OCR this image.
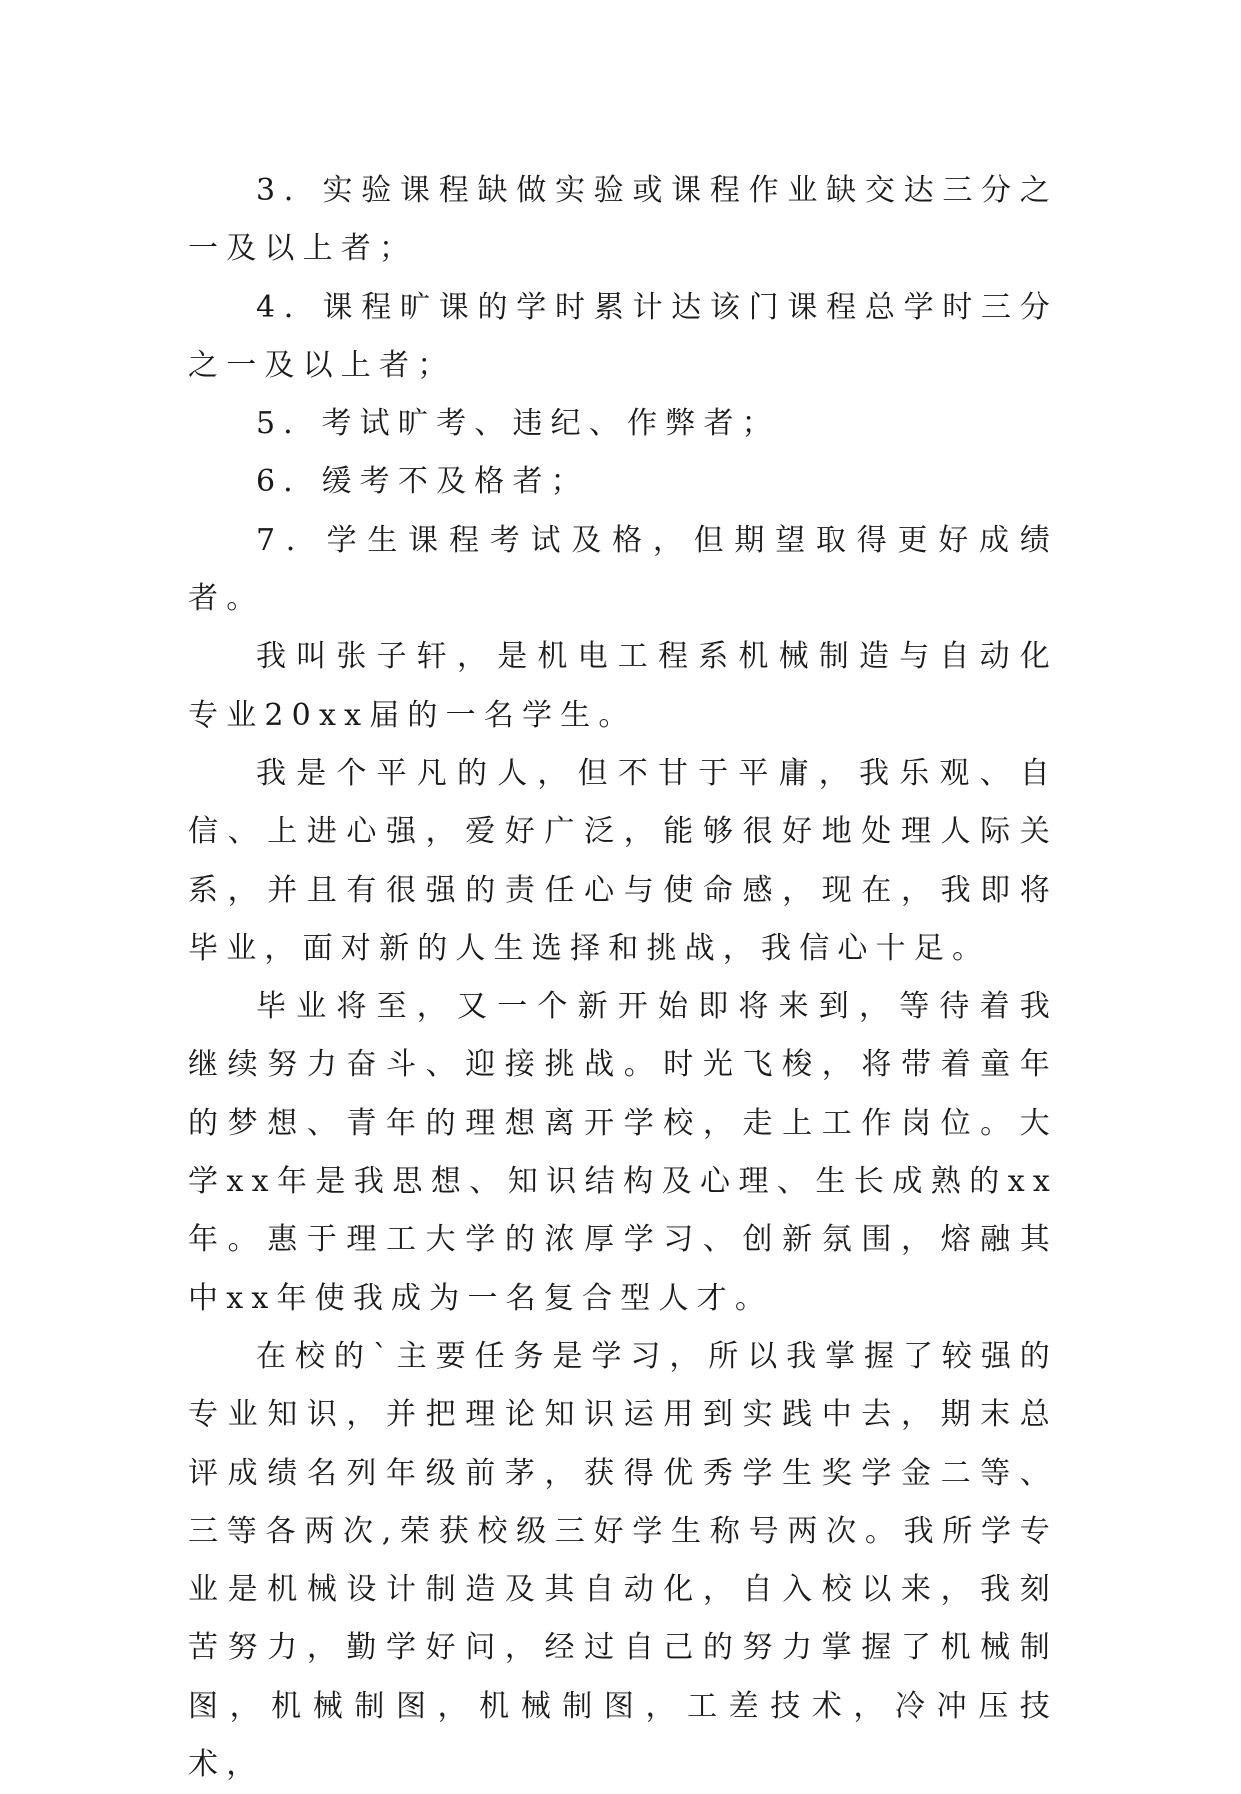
3．实验课程缺做实验或课程作业缺交达三分之一及以上者；

4．课程旷课的学时累计达该门课程总学时三分之一及以上者；

5．考试旷考、违纪、作弊者；

6．缓考不及格者；

7．学生课程考试及格，但期望取得更好成绩者。

我叫张子轩，是机电工程系机械制造与自动化专业20xx届的一名学生。

我是个平凡的人，但不甘于平庸，我乐观、自信、上进心强，爱好广泛，能够很好地处理人际关系，并且有很强的责任心与使命感，现在，我即将毕业，面对新的人生选择和挑战，我信心十足。

毕业将至，又一个新开始即将来到，等待着我继续努力奋斗、迎接挑战。时光飞梭，将带着童年的梦想、青年的理想离开学校，走上工作岗位。大学xx年是我思想、知识结构及心理、生长成熟的xx年。惠于理工大学的浓厚学习、创新氛围，熔融其中xx年使我成为一名复合型人才。

在校的`主要任务是学习，所以我掌握了较强的专业知识，并把理论知识运用到实践中去，期末总评成绩名列年级前茅，获得优秀学生奖学金二等、三等各两次,荣获校级三好学生称号两次。我所学专业是机械设计制造及其自动化，自入校以来，我刻苦努力，勤学好问，经过自己的努力掌握了机械制图，机械制图，机械制图，工差技术，冷冲压技术，
